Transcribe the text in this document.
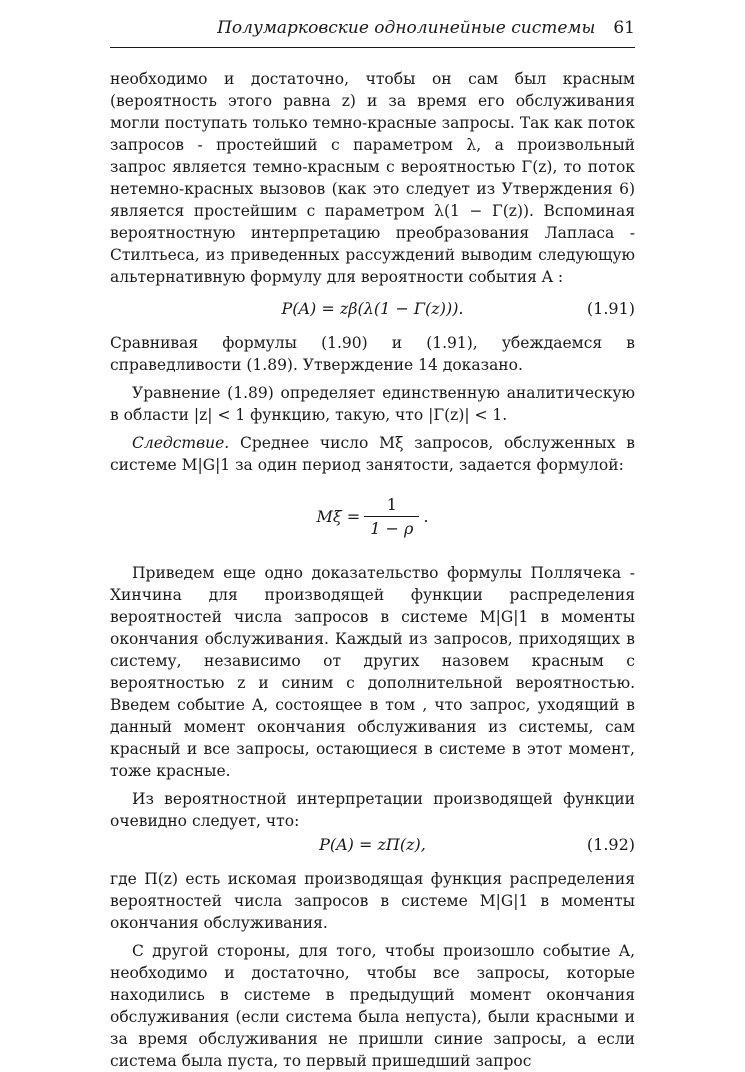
Полумарковские однолинейные системы 61

необходимо и достаточно, чтобы он сам был красным (вероятность этого равна z) и за время его обслуживания могли поступать только темно-красные запросы. Так как поток запросов - простейший с параметром λ, а произвольный запрос является темно-красным с вероятностью Γ(z), то поток нетемно-красных вызовов (как это следует из Утверждения 6) является простейшим с параметром λ(1 − Γ(z)). Вспоминая вероятностную интерпретацию преобразования Лапласа - Стилтьеса, из приведенных рассуждений выводим следующую альтернативную формулу для вероятности события A :

P(A) = zβ(λ(1 − Γ(z))).	(1.91)

Сравнивая формулы (1.90) и (1.91), убеждаемся в справедливости (1.89). Утверждение 14 доказано.

Уравнение (1.89) определяет единственную аналитическую в области |z| < 1 функцию, такую, что |Γ(z)| < 1.

Следствие. Среднее число Mξ запросов, обслуженных в системе M|G|1 за один период занятости, задается формулой:

$M\xi = \frac{1}{1 - \rho}$ .

Приведем еще одно доказательство формулы Поллячека - Хинчина для производящей функции распределения вероятностей числа запросов в системе M|G|1 в моменты окончания обслуживания. Каждый из запросов, приходящих в систему, независимо от других назовем красным с вероятностью z и синим с дополнительной вероятностью. Введем событие A, состоящее в том , что запрос, уходящий в данный момент окончания обслуживания из системы, сам красный и все запросы, остающиеся в системе в этот момент, тоже красные.

Из вероятностной интерпретации производящей функции очевидно следует, что:

P(A) = zΠ(z),	(1.92)

где Π(z) есть искомая производящая функция распределения вероятностей числа запросов в системе M|G|1 в моменты окончания обслуживания.

С другой стороны, для того, чтобы произошло событие A, необходимо и достаточно, чтобы все запросы, которые находились в системе в предыдущий момент окончания обслуживания (если система была непуста), были красными и за время обслуживания не пришли синие запросы, а если система была пуста, то первый пришедший запрос
